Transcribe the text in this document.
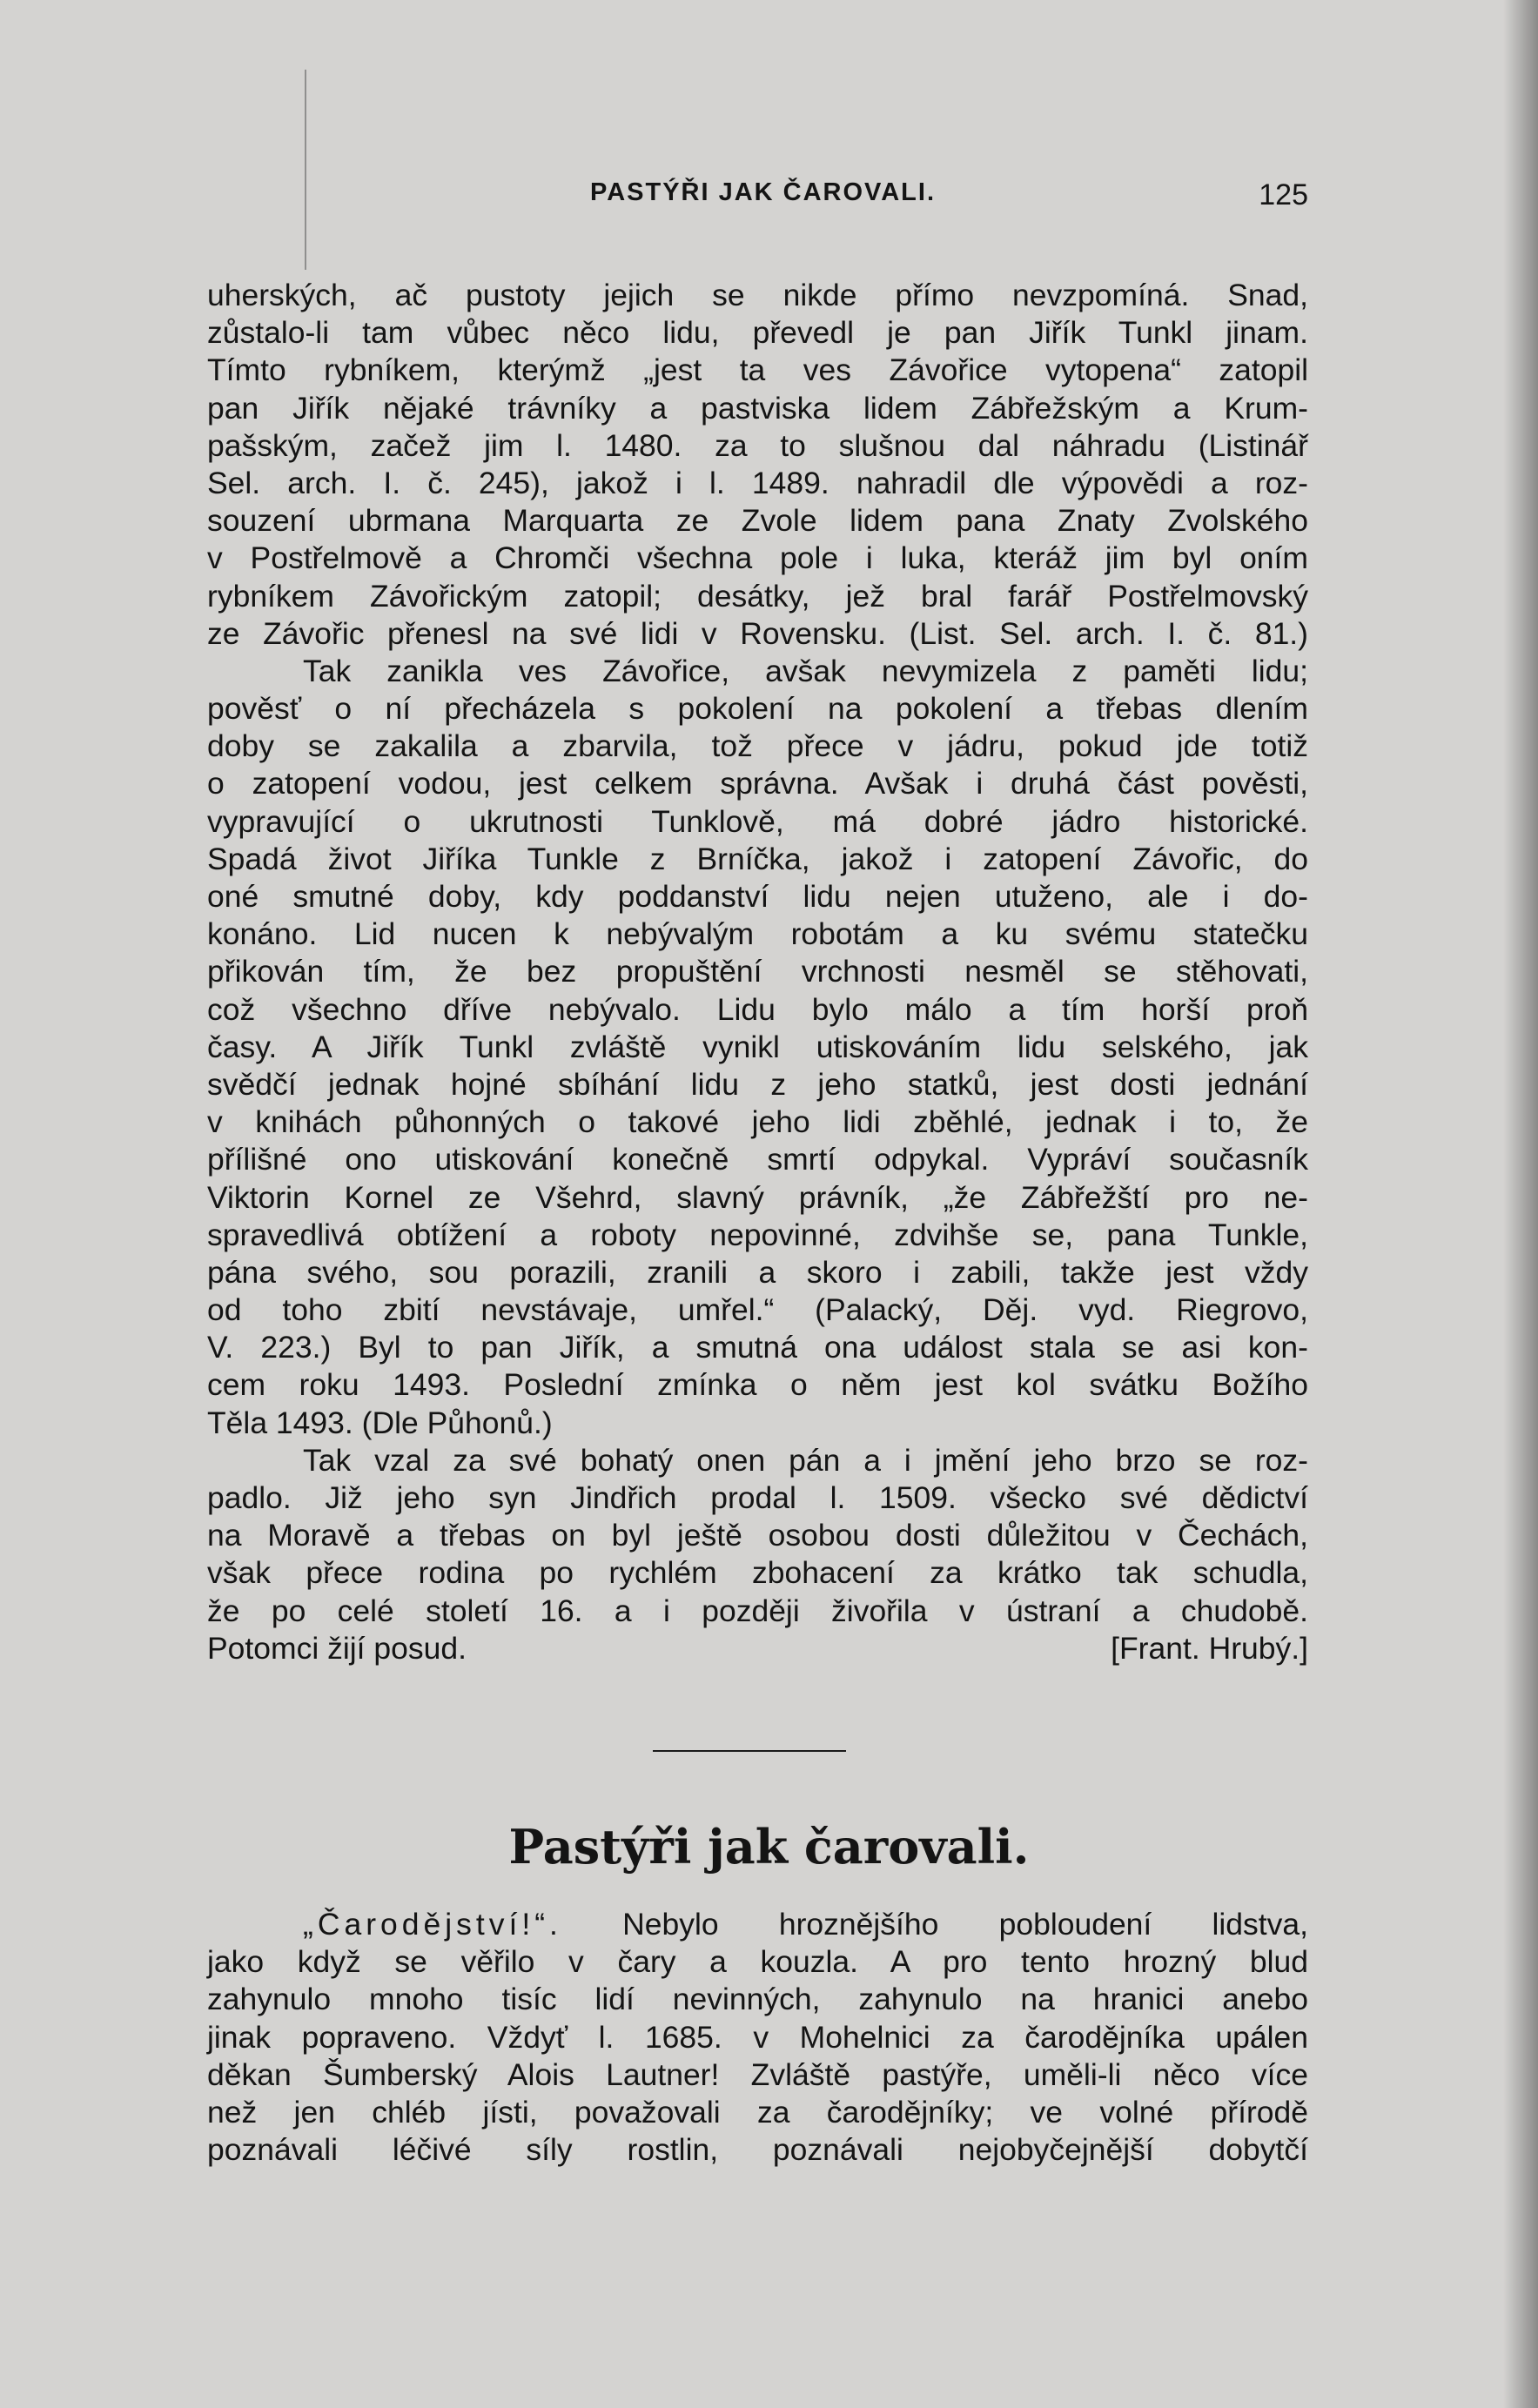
PASTÝŘI JAK ČAROVALI.	125
uherských, ač pustoty jejich se nikde přímo nevzpomíná. Snad,
zůstalo-li tam vůbec něco lidu, převedl je pan Jiřík Tunkl jinam.
Tímto rybníkem, kterýmž „jest ta ves Závořice vytopena“ zatopil
pan Jiřík nějaké trávníky a pastviska lidem Zábřežským a Krum-
pašským, začež jim l. 1480. za to slušnou dal náhradu (Listinář
Sel. arch. I. č. 245), jakož i l. 1489. nahradil dle výpovědi a roz-
souzení ubrmana Marquarta ze Zvole lidem pana Znaty Zvolského
v Postřelmově a Chromči všechna pole i luka, kteráž jim byl oním
rybníkem Závořickým zatopil; desátky, jež bral farář Postřelmovský
ze Závořic přenesl na své lidi v Rovensku. (List. Sel. arch. I. č. 81.)
Tak zanikla ves Závořice, avšak nevymizela z paměti lidu;
pověsť o ní přecházela s pokolení na pokolení a třebas dlením
doby se zakalila a zbarvila, tož přece v jádru, pokud jde totiž
o zatopení vodou, jest celkem správna. Avšak i druhá část pověsti,
vypravující o ukrutnosti Tunklově, má dobré jádro historické.
Spadá život Jiříka Tunkle z Brníčka, jakož i zatopení Závořic, do
oné smutné doby, kdy poddanství lidu nejen utuženo, ale i do-
konáno. Lid nucen k nebývalým robotám a ku svému statečku
přikován tím, že bez propuštění vrchnosti nesměl se stěhovati,
což všechno dříve nebývalo. Lidu bylo málo a tím horší proň
časy. A Jiřík Tunkl zvláště vynikl utiskováním lidu selského, jak
svědčí jednak hojné sbíhání lidu z jeho statků, jest dosti jednání
v knihách půhonných o takové jeho lidi zběhlé, jednak i to, že
přílišné ono utiskování konečně smrtí odpykal. Vypráví současník
Viktorin Kornel ze Všehrd, slavný právník, „že Zábřežští pro ne-
spravedlivá obtížení a roboty nepovinné, zdvihše se, pana Tunkle,
pána svého, sou porazili, zranili a skoro i zabili, takže jest vždy
od toho zbití nevstávaje, umřel.“ (Palacký, Děj. vyd. Riegrovo,
V. 223.) Byl to pan Jiřík, a smutná ona událost stala se asi kon-
cem roku 1493. Poslední zmínka o něm jest kol svátku Božího
Těla 1493. (Dle Půhonů.)
Tak vzal za své bohatý onen pán a i jmění jeho brzo se roz-
padlo. Již jeho syn Jindřich prodal l. 1509. všecko své dědictví
na Moravě a třebas on byl ještě osobou dosti důležitou v Čechách,
však přece rodina po rychlém zbohacení za krátko tak schudla,
že po celé století 16. a i později živořila v ústraní a chudobě.
Potomci žijí posud.	[Frant. Hrubý.]
Pastýři jak čarovali.
„Čarodějství!“. Nebylo hroznějšího pobloudení lidstva,
jako když se věřilo v čary a kouzla. A pro tento hrozný blud
zahynulo mnoho tisíc lidí nevinných, zahynulo na hranici anebo
jinak popraveno. Vždyť l. 1685. v Mohelnici za čarodějníka upálen
děkan Šumberský Alois Lautner! Zvláště pastýře, uměli-li něco více
než jen chléb jísti, považovali za čarodějníky; ve volné přírodě
poznávali léčivé síly rostlin, poznávali nejobyčejnější dobytčí
